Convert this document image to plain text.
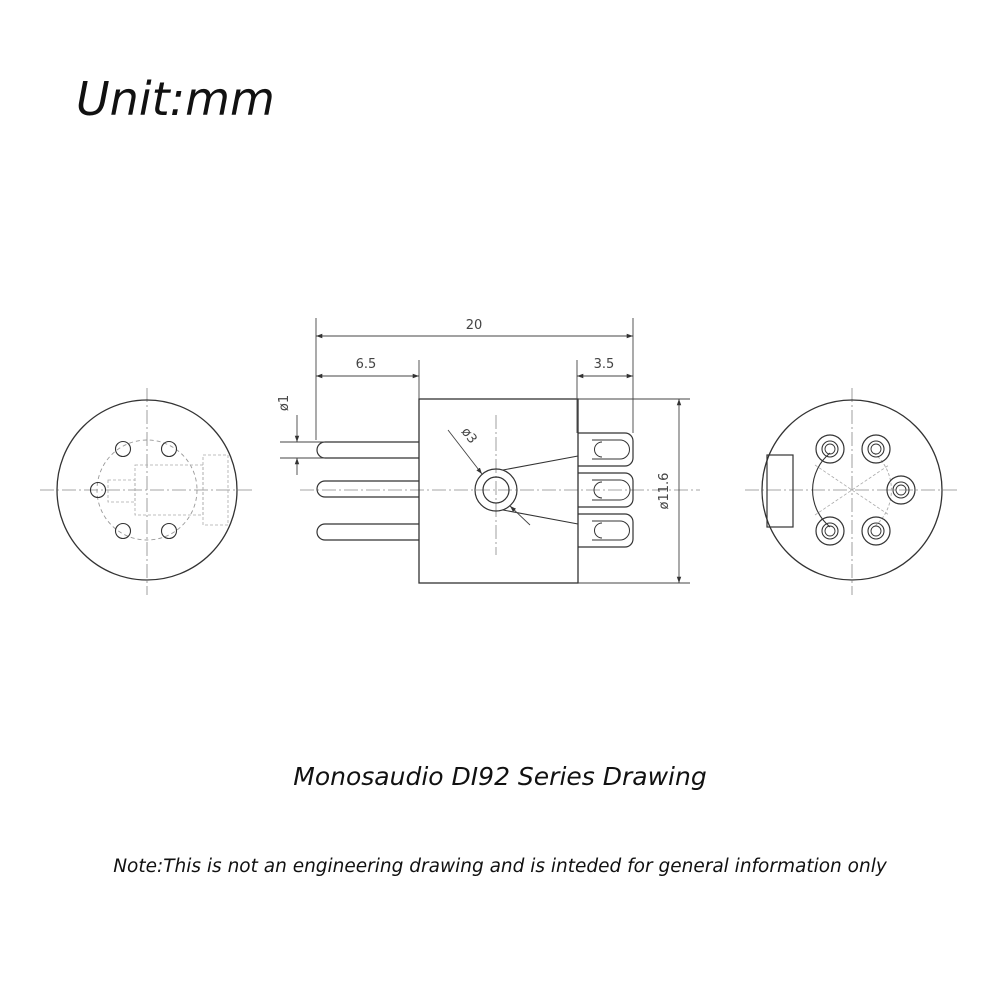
Unit:mm
20
6.5	3.5
ø11.6
ø1
ø3
Monosaudio DI92 Series Drawing
Note:This is not an engineering drawing and is inteded for general information only
